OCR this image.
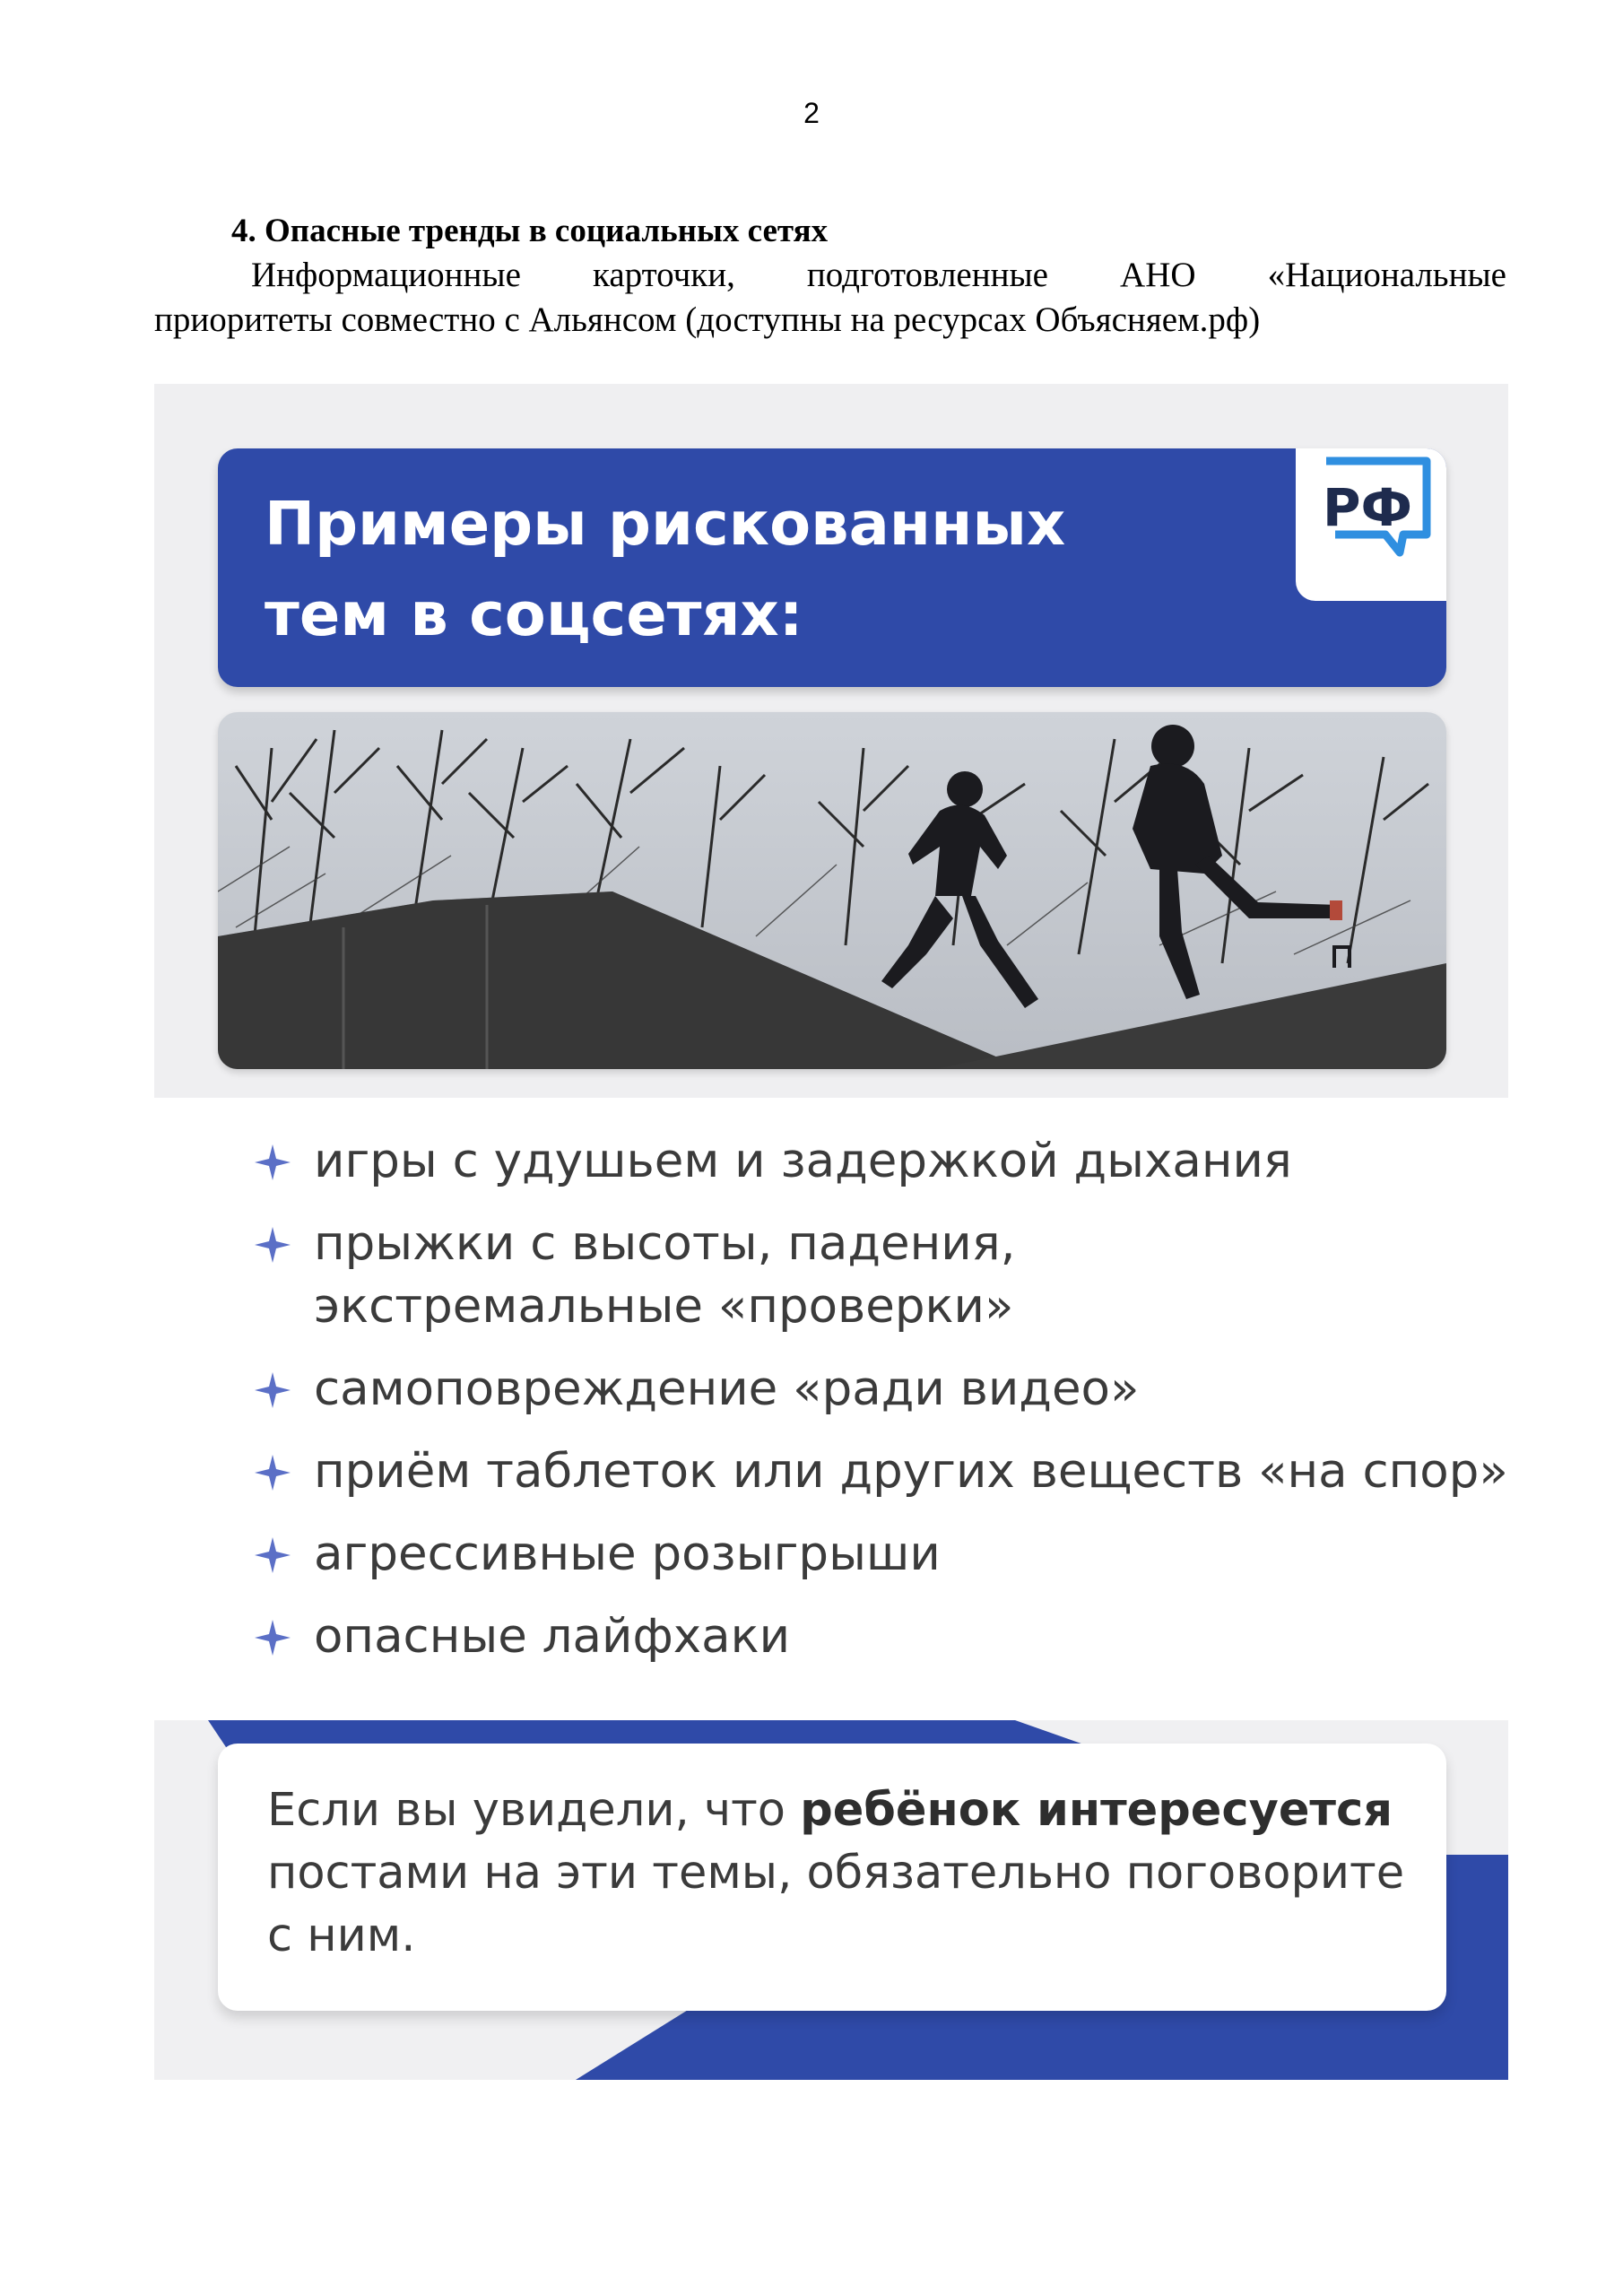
2
4. Опасные тренды в социальных сетях
Информационные карточки, подготовленные АНО «Национальные
приоритеты совместно с Альянсом (доступны на ресурсах Объясняем.рф)
Примеры рискованных
тем в соцсетях:
РФ
игры с удушьем и задержкой дыхания
прыжки с высоты, падения, экстремальные «проверки»
самоповреждение «ради видео»
приём таблеток или других веществ «на спор»
агрессивные розыгрыши
опасные лайфхаки

Если вы увидели, что ребёнок интересуется постами на эти темы, обязательно поговорите с ним.
